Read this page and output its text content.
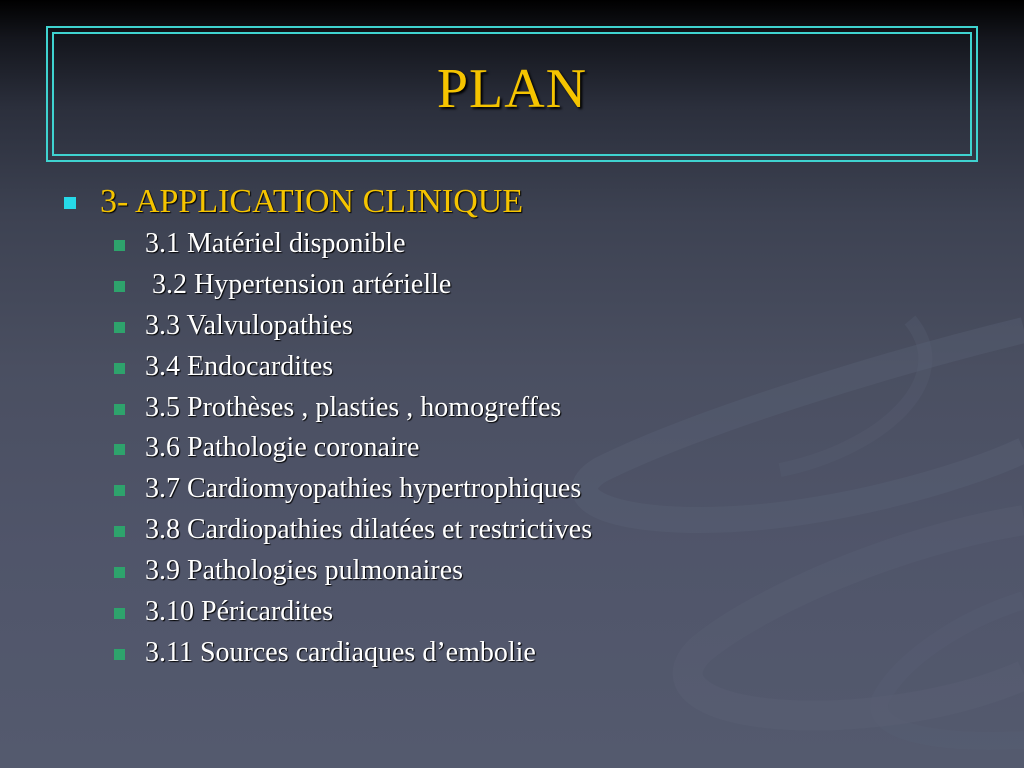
PLAN
3- APPLICATION CLINIQUE
3.1 Matériel disponible
3.2 Hypertension artérielle
3.3 Valvulopathies
3.4 Endocardites
3.5 Prothèses , plasties , homogreffes
3.6 Pathologie coronaire
3.7 Cardiomyopathies hypertrophiques
3.8 Cardiopathies dilatées et restrictives
3.9 Pathologies pulmonaires
3.10 Péricardites
3.11 Sources cardiaques d’embolie
